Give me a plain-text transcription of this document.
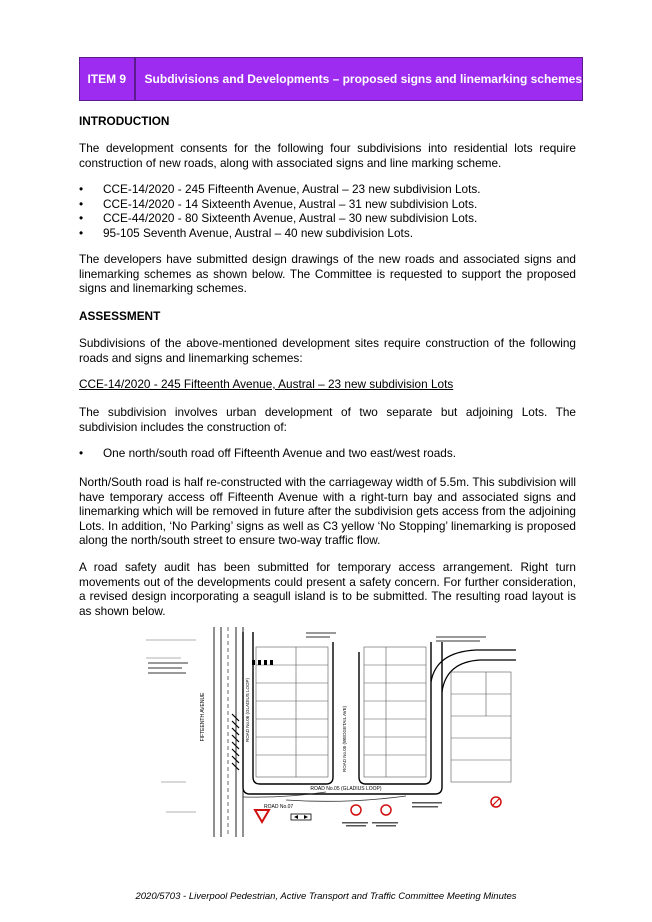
ITEM 9	Subdivisions and Developments – proposed signs and linemarking schemes

INTRODUCTION

The development consents for the following four subdivisions into residential lots require construction of new roads, along with associated signs and line marking scheme.

• CCE-14/2020 - 245 Fifteenth Avenue, Austral – 23 new subdivision Lots.
• CCE-14/2020 - 14 Sixteenth Avenue, Austral – 31 new subdivision Lots.
• CCE-44/2020 - 80 Sixteenth Avenue, Austral – 30 new subdivision Lots.
• 95-105 Seventh Avenue, Austral – 40 new subdivision Lots.

The developers have submitted design drawings of the new roads and associated signs and linemarking schemes as shown below. The Committee is requested to support the proposed signs and linemarking schemes.

ASSESSMENT

Subdivisions of the above-mentioned development sites require construction of the following roads and signs and linemarking schemes:

CCE-14/2020 - 245 Fifteenth Avenue, Austral – 23 new subdivision Lots

The subdivision involves urban development of two separate but adjoining Lots. The subdivision includes the construction of:

• One north/south road off Fifteenth Avenue and two east/west roads.

North/South road is half re-constructed with the carriageway width of 5.5m. This subdivision will have temporary access off Fifteenth Avenue with a right-turn bay and associated signs and linemarking which will be removed in future after the subdivision gets access from the adjoining Lots. In addition, ‘No Parking’ signs as well as C3 yellow ‘No Stopping’ linemarking is proposed along the north/south street to ensure two-way traffic flow.

A road safety audit has been submitted for temporary access arrangement. Right turn movements out of the developments could present a safety concern. For further consideration, a revised design incorporating a seagull island is to be submitted. The resulting road layout is as shown below.

FIFTEENTH AVENUE	ROAD No.06 (GLADIUS LOOP)	ROAD No.05 (WEDGETAIL AVE)
ROAD No.05 (GLADIUS LOOP)
ROAD No.07
2020/5703 - Liverpool Pedestrian, Active Transport and Traffic Committee Meeting Minutes
